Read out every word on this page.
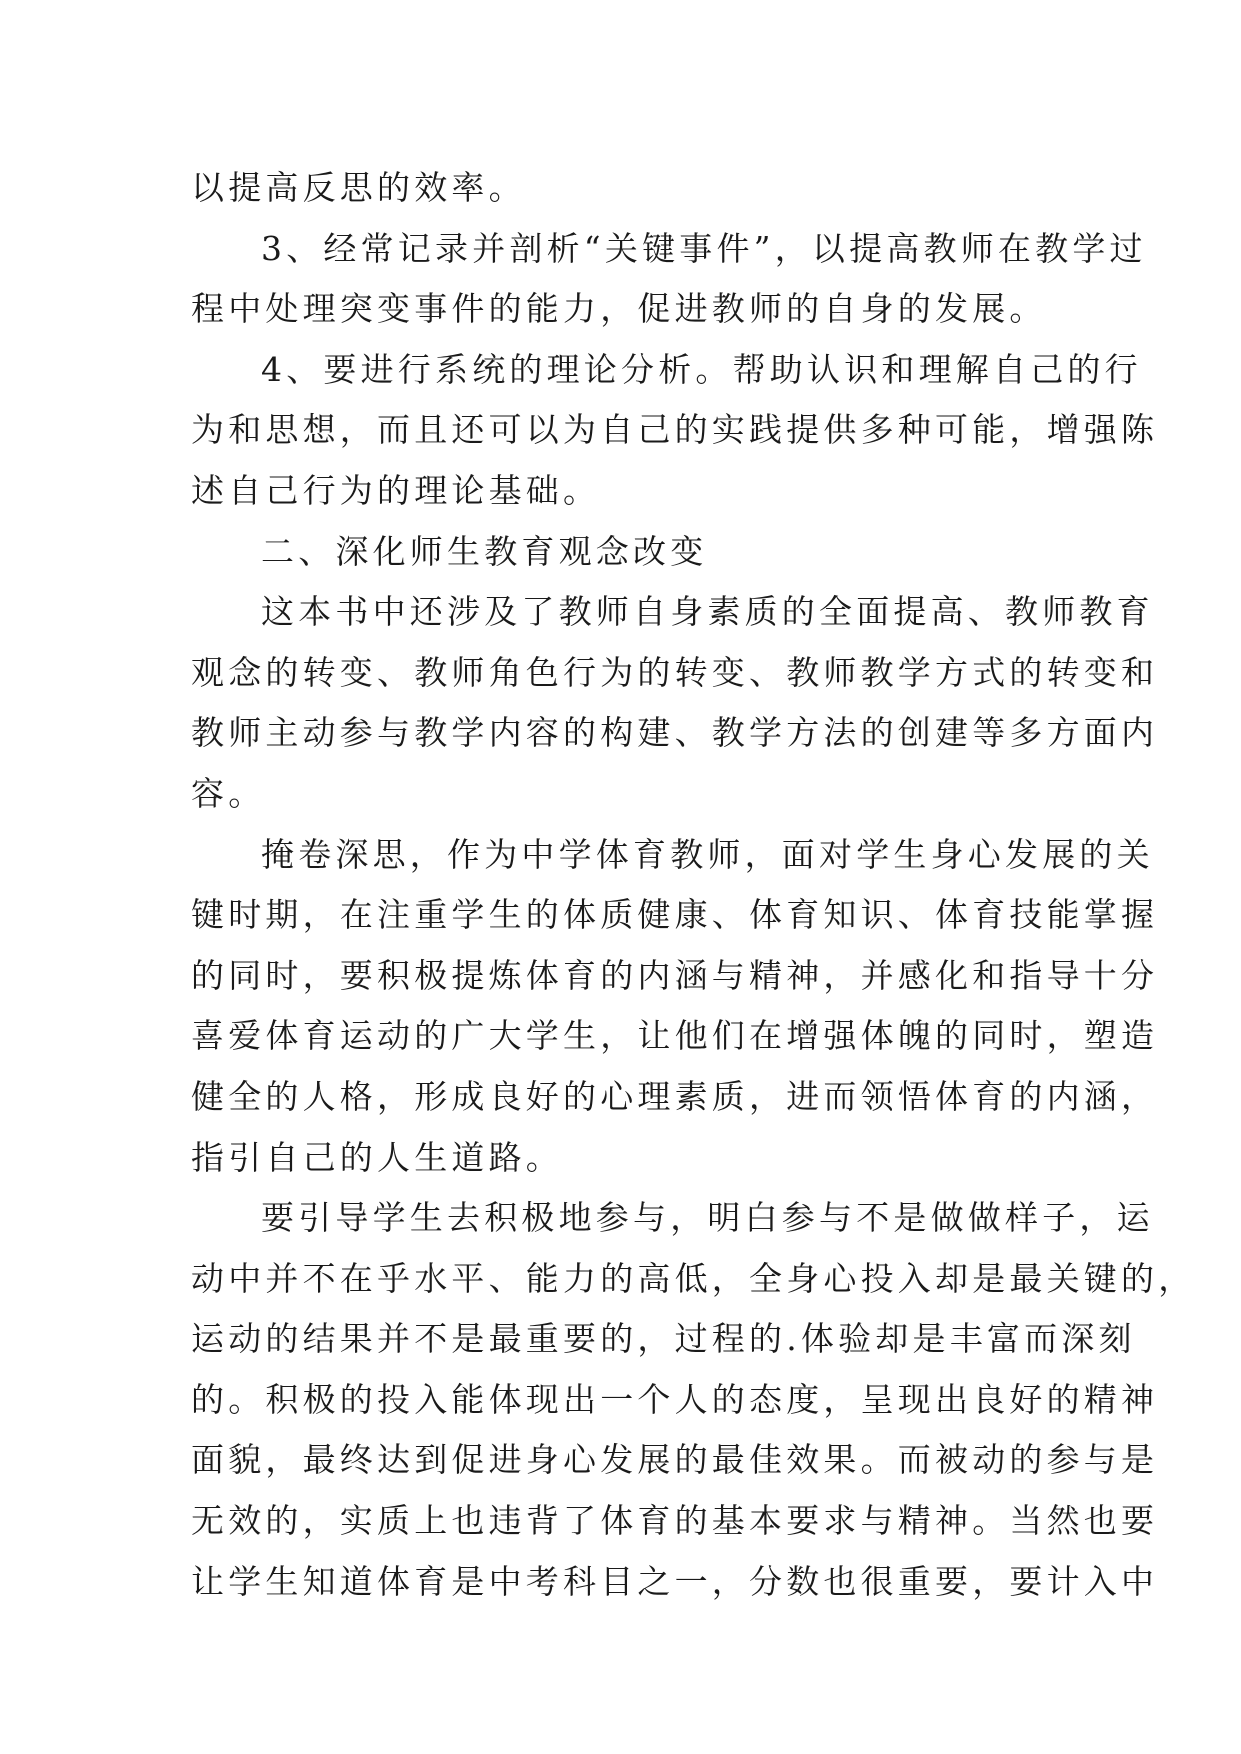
以提高反思的效率。
3、经常记录并剖析“关键事件”，以提高教师在教学过
程中处理突变事件的能力，促进教师的自身的发展。
4、要进行系统的理论分析。帮助认识和理解自己的行
为和思想，而且还可以为自己的实践提供多种可能，增强陈
述自己行为的理论基础。
二、深化师生教育观念改变
这本书中还涉及了教师自身素质的全面提高、教师教育
观念的转变、教师角色行为的转变、教师教学方式的转变和
教师主动参与教学内容的构建、教学方法的创建等多方面内
容。
掩卷深思，作为中学体育教师，面对学生身心发展的关
键时期，在注重学生的体质健康、体育知识、体育技能掌握
的同时，要积极提炼体育的内涵与精神，并感化和指导十分
喜爱体育运动的广大学生，让他们在增强体魄的同时，塑造
健全的人格，形成良好的心理素质，进而领悟体育的内涵，
指引自己的人生道路。
要引导学生去积极地参与，明白参与不是做做样子，运
动中并不在乎水平、能力的高低，全身心投入却是最关键的，
运动的结果并不是最重要的，过程的.体验却是丰富而深刻
的。积极的投入能体现出一个人的态度，呈现出良好的精神
面貌，最终达到促进身心发展的最佳效果。而被动的参与是
无效的，实质上也违背了体育的基本要求与精神。当然也要
让学生知道体育是中考科目之一，分数也很重要，要计入中
